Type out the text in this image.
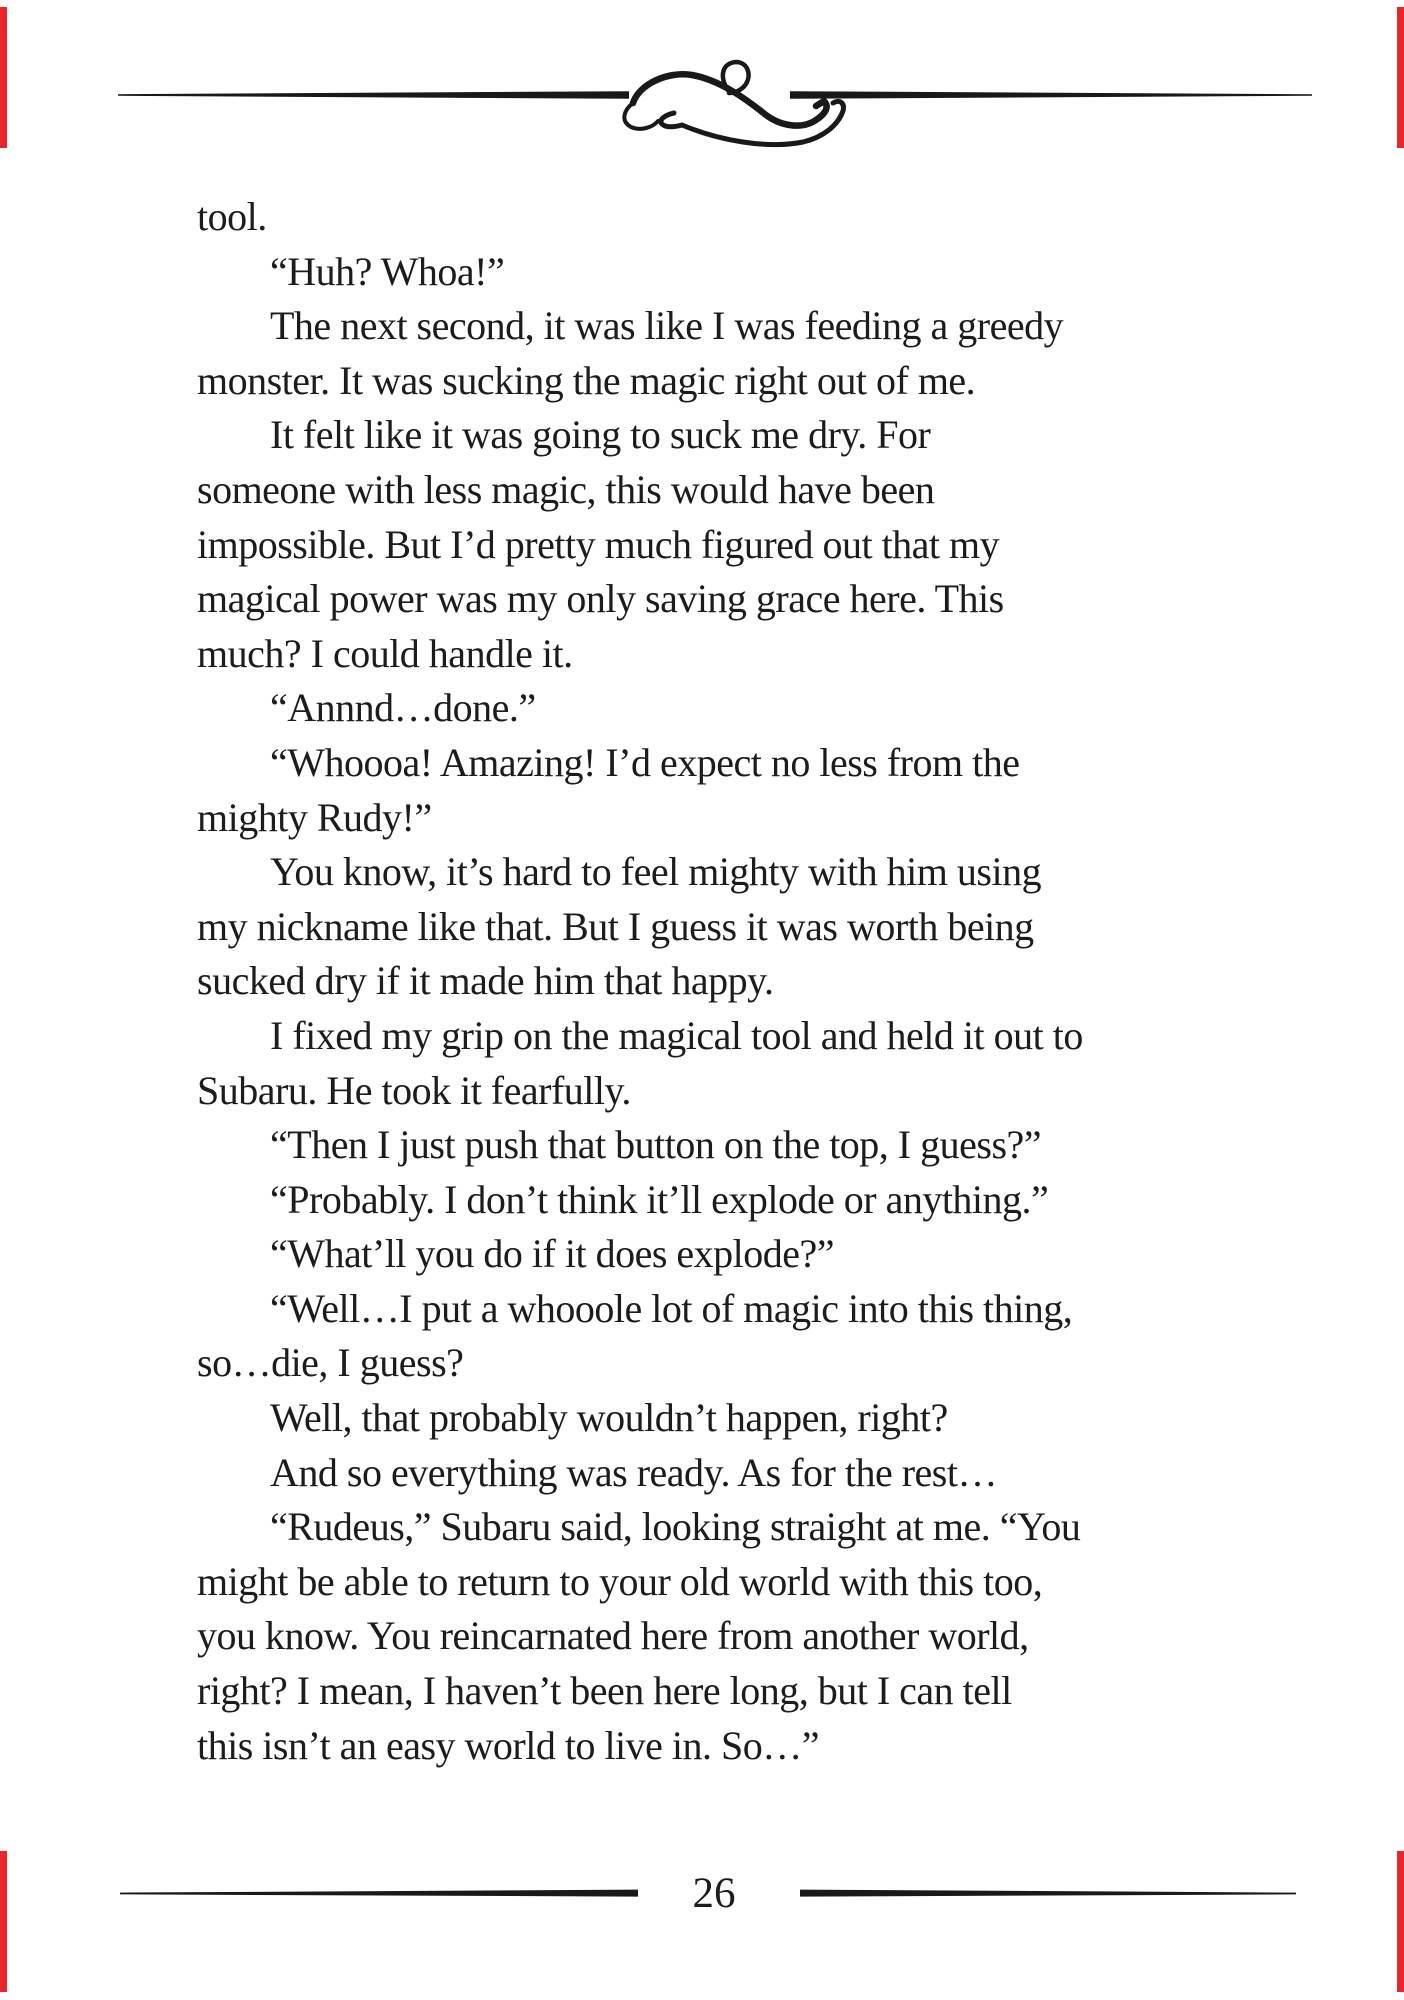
tool.
“Huh? Whoa!”
The next second, it was like I was feeding a greedy
monster. It was sucking the magic right out of me.
It felt like it was going to suck me dry. For
someone with less magic, this would have been
impossible. But I’d pretty much figured out that my
magical power was my only saving grace here. This
much? I could handle it.
“Annnd…done.”
“Whoooa! Amazing! I’d expect no less from the
mighty Rudy!”
You know, it’s hard to feel mighty with him using
my nickname like that. But I guess it was worth being
sucked dry if it made him that happy.
I fixed my grip on the magical tool and held it out to
Subaru. He took it fearfully.
“Then I just push that button on the top, I guess?”
“Probably. I don’t think it’ll explode or anything.”
“What’ll you do if it does explode?”
“Well…I put a whooole lot of magic into this thing,
so…die, I guess?
Well, that probably wouldn’t happen, right?
And so everything was ready. As for the rest…
“Rudeus,” Subaru said, looking straight at me. “You
might be able to return to your old world with this too,
you know. You reincarnated here from another world,
right? I mean, I haven’t been here long, but I can tell
this isn’t an easy world to live in. So…”
26
